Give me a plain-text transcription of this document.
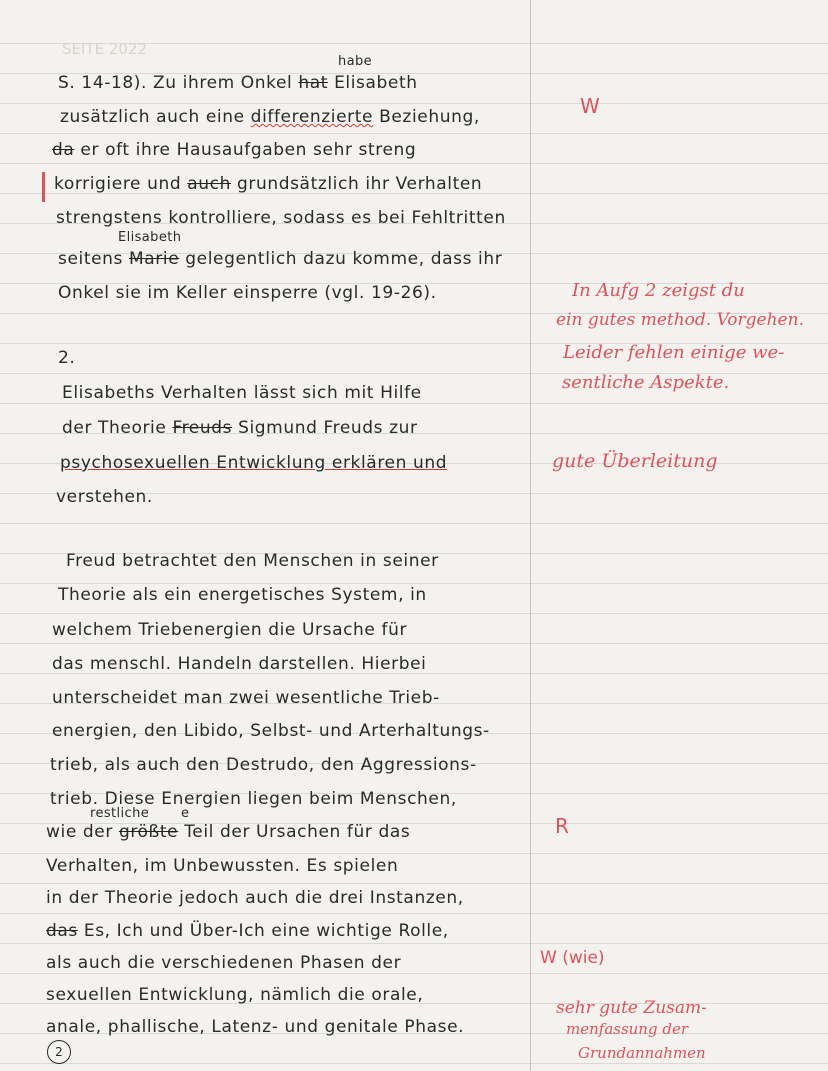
SEITE 2022
habe
S. 14-18). Zu ihrem Onkel hat Elisabeth
zusätzlich auch eine differenzierte Beziehung,
da er oft ihre Hausaufgaben sehr streng
korrigiere und auch grundsätzlich ihr Verhalten
strengstens kontrolliere, sodass es bei Fehltritten
Elisabeth
seitens Marie gelegentlich dazu komme, dass ihr
Onkel sie im Keller einsperre (vgl. 19-26).
2.
Elisabeths Verhalten lässt sich mit Hilfe
der Theorie Freuds Sigmund Freuds zur
psychosexuellen Entwicklung erklären und
verstehen.
Freud betrachtet den Menschen in seiner
Theorie als ein energetisches System, in
welchem Triebenergien die Ursache für
das menschl. Handeln darstellen. Hierbei
unterscheidet man zwei wesentliche Trieb-
energien, den Libido, Selbst- und Arterhaltungs-
trieb, als auch den Destrudo, den Aggressions-
trieb. Diese Energien liegen beim Menschen,
restliche e
wie der größte Teil der Ursachen für das
Verhalten, im Unbewussten. Es spielen
in der Theorie jedoch auch die drei Instanzen,
das Es, Ich und Über-Ich eine wichtige Rolle,
als auch die verschiedenen Phasen der
sexuellen Entwicklung, nämlich die orale,
anale, phallische, Latenz- und genitale Phase.
W
In Aufg 2 zeigst du
ein gutes method. Vorgehen.
Leider fehlen einige we-
sentliche Aspekte.
gute Überleitung
R
W (wie)
sehr gute Zusam-
menfassung der
Grundannahmen
2
